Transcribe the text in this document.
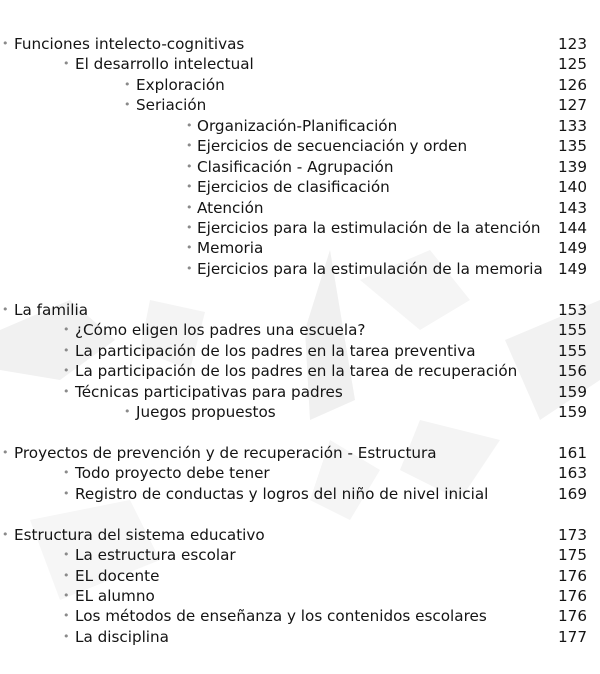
• Funciones intelecto-cognitivas	123
• El desarrollo intelectual	125
• Exploración	126
• Seriación	127
• Organización-Planificación	133
• Ejercicios de secuenciación y orden	135
• Clasificación - Agrupación	139
• Ejercicios de clasificación	140
• Atención	143
• Ejercicios para la estimulación de la atención 144
• Memoria	149
• Ejercicios para la estimulación de la memoria 149
• La familia	153
• ¿Cómo eligen los padres una escuela?	155
• La participación de los padres en la tarea preventiva	155
• La participación de los padres en la tarea de recuperación	156
• Técnicas participativas para padres	159
• Juegos propuestos	159
• Proyectos de prevención y de recuperación - Estructura	161
• Todo proyecto debe tener	163
• Registro de conductas y logros del niño de nivel inicial	169
• Estructura del sistema educativo	173
• La estructura escolar	175
• EL docente	176
• EL alumno	176
• Los métodos de enseñanza y los contenidos escolares	176
• La disciplina	177
